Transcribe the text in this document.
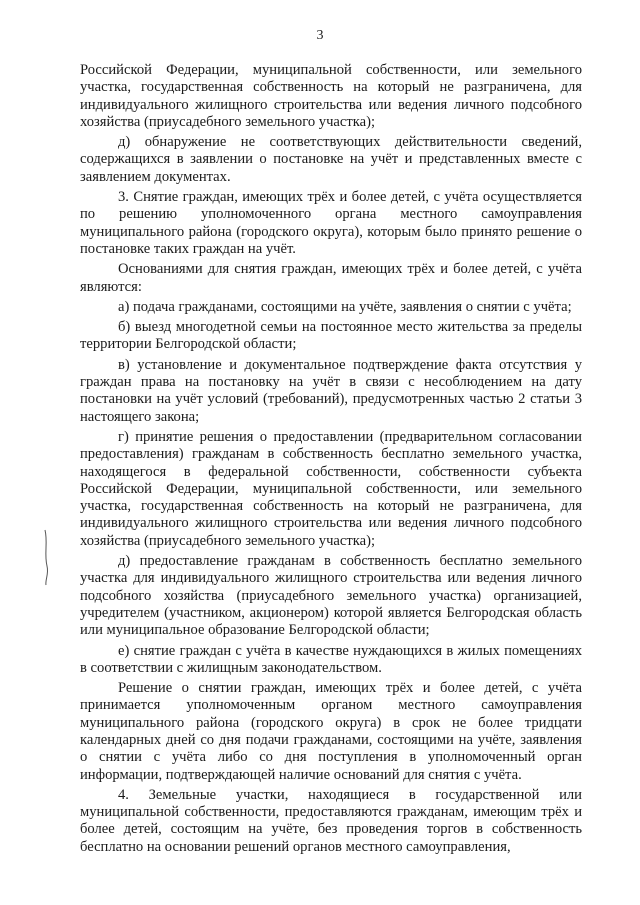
3

Российской Федерации, муниципальной собственности, или земельного участка, государственная собственность на который не разграничена, для индивидуального жилищного строительства или ведения личного подсобного хозяйства (приусадебного земельного участка);

д) обнаружение не соответствующих действительности сведений, содержащихся в заявлении о постановке на учёт и представленных вместе с заявлением документах.

3. Снятие граждан, имеющих трёх и более детей, с учёта осуществляется по решению уполномоченного органа местного самоуправления муниципального района (городского округа), которым было принято решение о постановке таких граждан на учёт.

Основаниями для снятия граждан, имеющих трёх и более детей, с учёта являются:

а) подача гражданами, состоящими на учёте, заявления о снятии с учёта;

б) выезд многодетной семьи на постоянное место жительства за пределы территории Белгородской области;

в) установление и документальное подтверждение факта отсутствия у граждан права на постановку на учёт в связи с несоблюдением на дату постановки на учёт условий (требований), предусмотренных частью 2 статьи 3 настоящего закона;

г) принятие решения о предоставлении (предварительном согласовании предоставления) гражданам в собственность бесплатно земельного участка, находящегося в федеральной собственности, собственности субъекта Российской Федерации, муниципальной собственности, или земельного участка, государственная собственность на который не разграничена, для индивидуального жилищного строительства или ведения личного подсобного хозяйства (приусадебного земельного участка);

д) предоставление гражданам в собственность бесплатно земельного участка для индивидуального жилищного строительства или ведения личного подсобного хозяйства (приусадебного земельного участка) организацией, учредителем (участником, акционером) которой является Белгородская область или муниципальное образование Белгородской области;

е) снятие граждан с учёта в качестве нуждающихся в жилых помещениях в соответствии с жилищным законодательством.

Решение о снятии граждан, имеющих трёх и более детей, с учёта принимается уполномоченным органом местного самоуправления муниципального района (городского округа) в срок не более тридцати календарных дней со дня подачи гражданами, состоящими на учёте, заявления о снятии с учёта либо со дня поступления в уполномоченный орган информации, подтверждающей наличие оснований для снятия с учёта.

4. Земельные участки, находящиеся в государственной или муниципальной собственности, предоставляются гражданам, имеющим трёх и более детей, состоящим на учёте, без проведения торгов в собственность бесплатно на основании решений органов местного самоуправления,
